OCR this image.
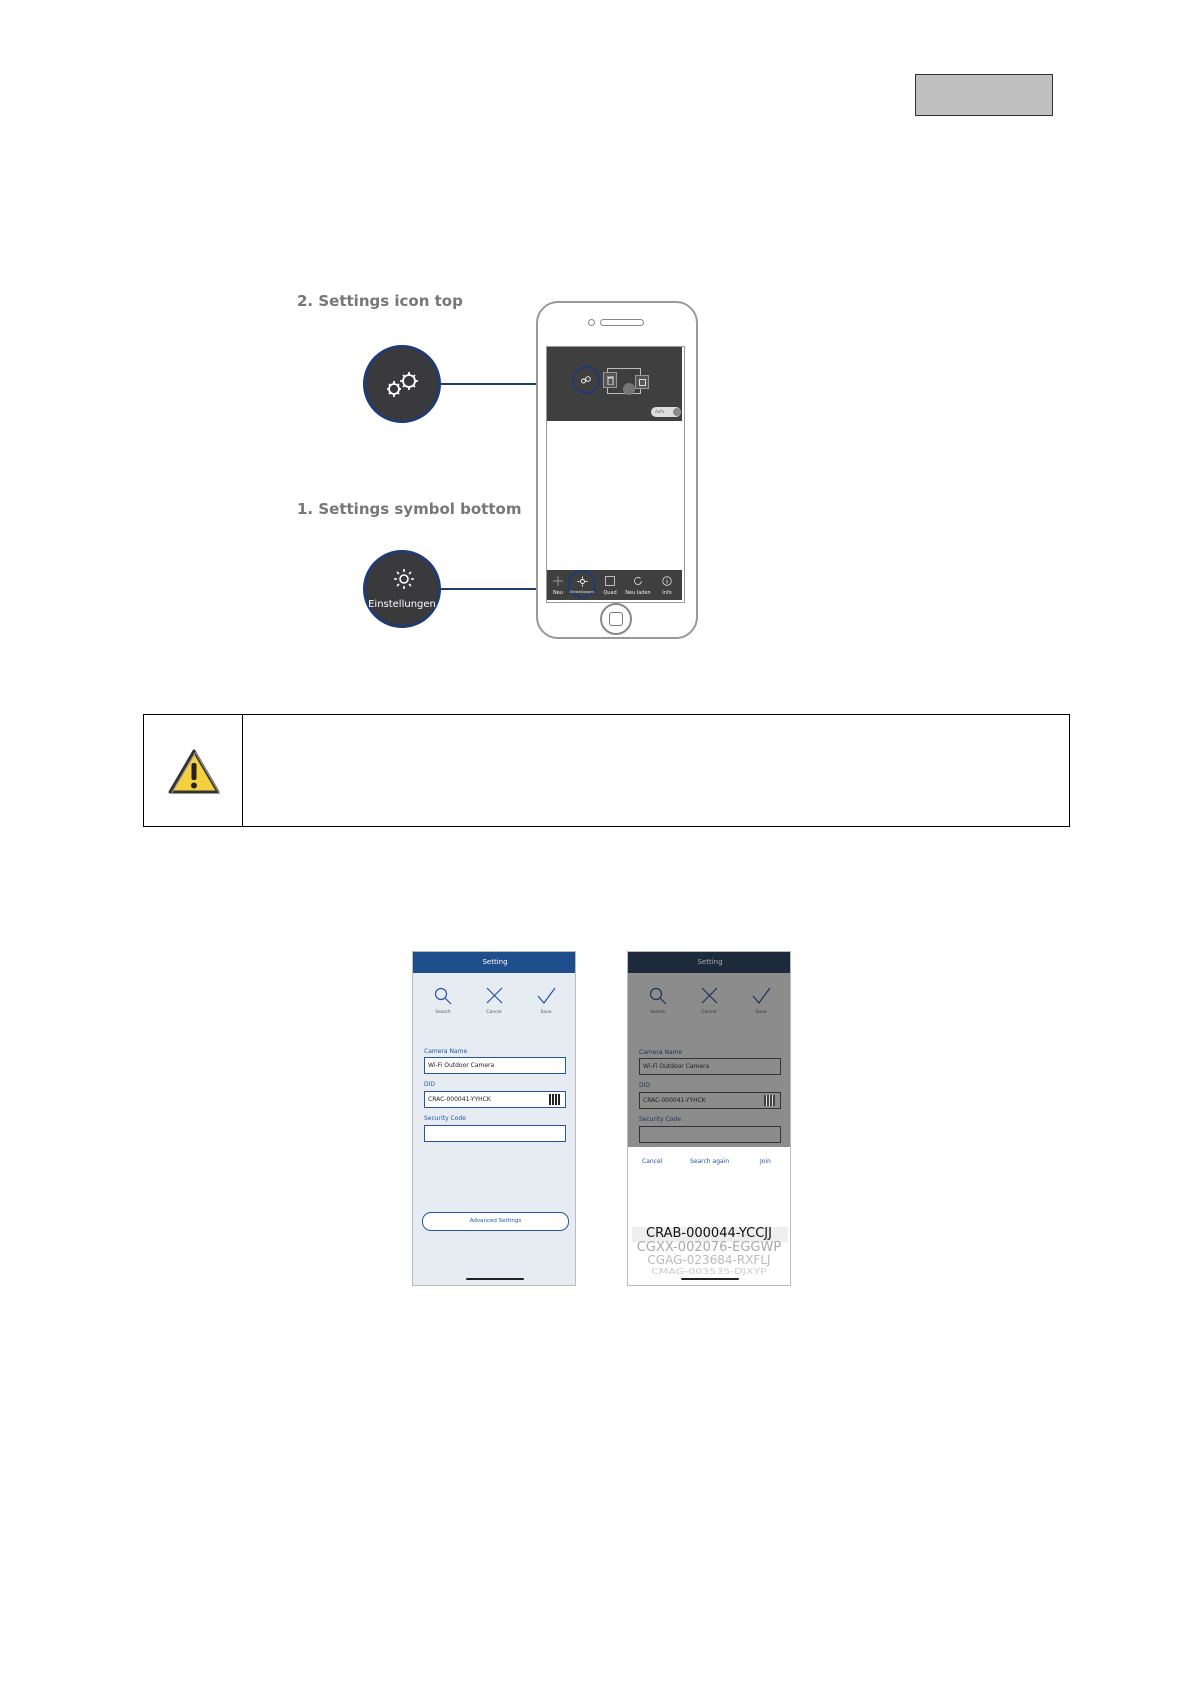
2. Settings icon top
1. Settings symbol bottom
Einstellungen
Aufn.
Neu	Einstellungen	Quad	Neu laden	Info
Setting
Search	Cancel	Save
Camera Name
Wi-Fi Outdoor Camera
DID
CRAC-000041-YYHCK
Security Code
Advanced Settings
Setting
Search	Cancel	Save
Camera Name
Wi-Fi Outdoor Camera
DID
CRAC-000041-YYHCK
Security Code
Cancel	Search again	Join
CRAB-000044-YCCJJ
CGXX-002076-EGGWP
CGAG-023684-RXFLJ
CMAG-003535-DJXYP
